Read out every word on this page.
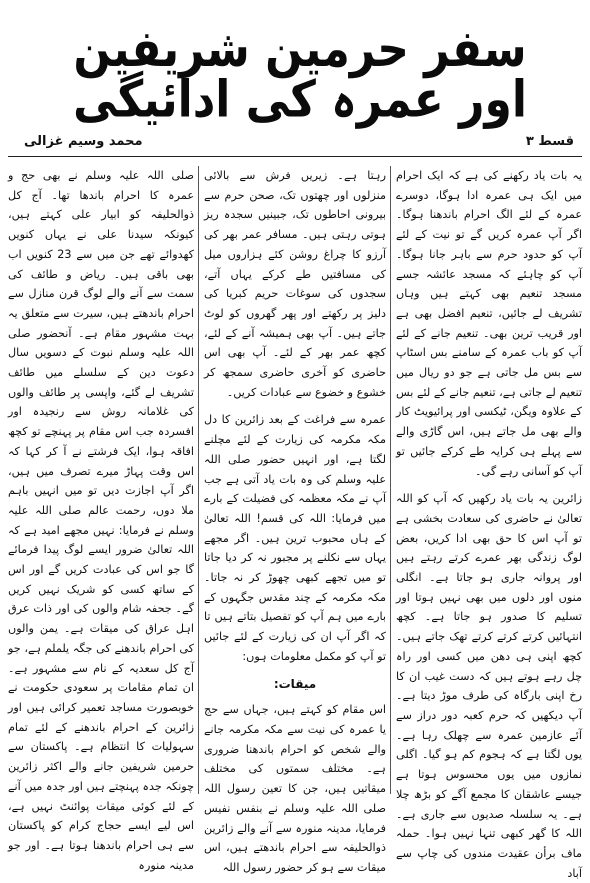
سفر حرمین شریفین اور عمرہ کی ادائیگی
قسط ۳
محمد وسیم غزالی

یہ بات یاد رکھنے کی ہے کہ ایک احرام میں ایک ہی عمرہ ادا ہوگا، دوسرے عمرہ کے لئے الگ احرام باندھنا ہوگا۔ اگر آپ عمرہ کریں گے تو نیت کے لئے آپ کو حدود حرم سے باہر جانا ہوگا۔ آپ کو چاہئے کہ مسجد عائشہ جسے مسجد تنعیم بھی کہتے ہیں وہاں تشریف لے جائیں، تنعیم افضل بھی ہے اور قریب ترین بھی۔ تنعیم جانے کے لئے آپ کو باب عمرہ کے سامنے بس اسٹاپ سے بس مل جاتی ہے جو دو ریال میں تنعیم لے جاتی ہے، تنعیم جانے کے لئے بس کے علاوہ ویگن، ٹیکسی اور پرائیویٹ کار والے بھی مل جاتے ہیں، اس گاڑی والے سے پہلے ہی کرایہ طے کرکے جائیں تو آپ کو آسانی رہے گی۔

زائرین یہ بات یاد رکھیں کہ آپ کو اللہ تعالیٰ نے حاضری کی سعادت بخشی ہے تو آپ اس کا حق بھی ادا کریں، بعض لوگ زندگی بھر عمرے کرتے رہتے ہیں اور پروانہ جاری ہو جاتا ہے۔ انگلی منوں اور دلوں میں بھی نہیں ہوتا اور تسلیم کا صدور ہو جاتا ہے۔ کچھ انتہائیں کرتے کرتے کرتے تھک جاتے ہیں۔ کچھ اپنی ہی دھن میں کسی اور راہ چل رہے ہوتے ہیں کہ دست غیب ان کا رخ اپنی بارگاہ کی طرف موڑ دیتا ہے۔ آپ دیکھیں کہ حرم کعبہ دور دراز سے آئے عازمین عمرہ سے چھلک رہا ہے۔ یوں لگتا ہے کہ ہجوم کم ہو گیا۔ اگلی نمازوں میں یوں محسوس ہوتا ہے جیسے عاشقان کا مجمع آگے کو بڑھ چلا ہے۔ یہ سلسلہ صدیوں سے جاری ہے۔ اللہ کا گھر کبھی تنہا نہیں ہوا۔ حملہ ماف برأن عقیدت مندوں کی چاپ سے آباد

رہتا ہے۔ زیریں فرش سے بالائی منزلوں اور چھتوں تک، صحن حرم سے بیرونی احاطوں تک، جبینیں سجدہ ریز ہوتی رہتی ہیں۔ مسافر عمر بھر کی آرزو کا چراغ روشن کئے ہزاروں میل کی مسافتیں طے کرکے یہاں آتے، سجدوں کی سوغات حریم کبریا کی دلیز پر رکھتے اور پھر گھروں کو لوٹ جاتے ہیں۔ آپ بھی ہمیشہ آنے کے لئے، کچھ عمر بھر کے لئے۔ آپ بھی اس حاضری کو آخری حاضری سمجھ کر خشوع و خضوع سے عبادات کریں۔

عمرہ سے فراغت کے بعد زائرین کا دل مکہ مکرمہ کی زیارت کے لئے مچلنے لگتا ہے، اور انہیں حضور صلی اللہ علیہ وسلم کی وہ بات یاد آتی ہے جب آپ نے مکہ معظمہ کی فضیلت کے بارے میں فرمایا: اللہ کی قسم! اللہ تعالیٰ کے ہاں محبوب ترین ہیں۔ اگر مجھے یہاں سے نکلنے پر مجبور نہ کر دیا جاتا تو میں تجھے کبھی چھوڑ کر نہ جاتا۔ مکہ مکرمہ کے چند مقدس جگہوں کے بارے میں ہم آپ کو تفصیل بتاتے ہیں تا کہ اگر آپ ان کی زیارت کے لئے جائیں تو آپ کو مکمل معلومات ہوں:

میقات:

اس مقام کو کہتے ہیں، جہاں سے حج یا عمرہ کی نیت سے مکہ مکرمہ جانے والے شخص کو احرام باندھنا ضروری ہے۔ مختلف سمتوں کی مختلف میقاتیں ہیں، جن کا تعین رسول اللہ صلی اللہ علیہ وسلم نے بنفس نفیس فرمایا، مدینہ منورہ سے آنے والے زائرین ذوالحلیفہ سے احرام باندھتے ہیں، اس میقات سے ہو کر حضور رسول اللہ

صلی اللہ علیہ وسلم نے بھی حج و عمرہ کا احرام باندھا تھا۔ آج کل ذوالحلیفہ کو ابیار علی کہتے ہیں، کیونکہ سیدنا علی نے یہاں کنویں کھدوائے تھے جن میں سے 23 کنویں اب بھی باقی ہیں۔ ریاض و طائف کی سمت سے آنے والے لوگ قرن منازل سے احرام باندھتے ہیں، سیرت سے متعلق یہ بہت مشہور مقام ہے۔ آنحضور صلی اللہ علیہ وسلم نبوت کے دسویں سال دعوت دین کے سلسلے میں طائف تشریف لے گئے، واپسی پر طائف والوں کی غلامانہ روش سے رنجیدہ اور افسردہ جب اس مقام پر پہنچے تو کچھ افاقہ ہوا، ایک فرشتے نے آ کر کہا کہ اس وقت پہاڑ میرے تصرف میں ہیں، اگر آپ اجازت دیں تو میں انہیں باہم ملا دوں، رحمت عالم صلی اللہ علیہ وسلم نے فرمایا: نہیں مجھے امید ہے کہ اللہ تعالیٰ ضرور ایسے لوگ پیدا فرمائے گا جو اس کی عبادت کریں گے اور اس کے ساتھ کسی کو شریک نہیں کریں گے۔ جحفہ شام والوں کی اور ذات عرق اہل عراق کی میقات ہے۔ یمن والوں کی احرام باندھنے کی جگہ یلملم ہے، جو آج کل سعدیہ کے نام سے مشہور ہے۔ ان تمام مقامات پر سعودی حکومت نے خوبصورت مساجد تعمیر کرائی ہیں اور زائرین کے احرام باندھنے کے لئے تمام سہولیات کا انتظام ہے۔ پاکستان سے حرمین شریفین جانے والے اکثر زائرین چونکہ جدہ پہنچتے ہیں اور جدہ میں آنے کے لئے کوئی میقات پوائنٹ نہیں ہے، اس لیے ایسے حجاج کرام کو پاکستان سے ہی احرام باندھنا ہوتا ہے۔ اور جو مدینہ منورہ
